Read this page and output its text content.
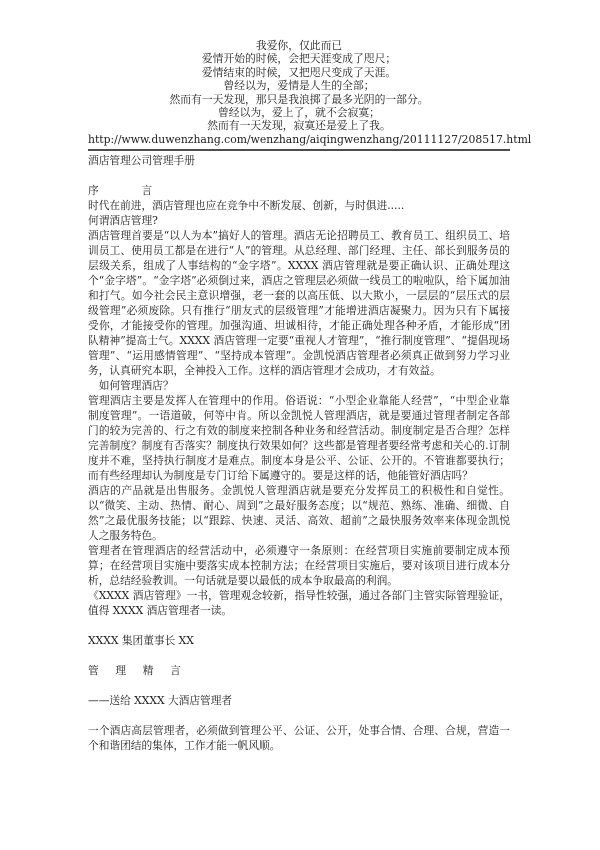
我爱你，仅此而已
爱情开始的时候，会把天涯变成了咫尺；
爱情结束的时候，又把咫尺变成了天涯。
曾经以为，爱情是人生的全部；
然而有一天发现，那只是我浪掷了最多光阴的一部分。
曾经以为，爱上了，就不会寂寞；
然而有一天发现，寂寞还是爱上了我。
http://www.duwenzhang.com/wenzhang/aiqingwenzhang/20111127/208517.html

酒店管理公司管理手册

序　　　　言

时代在前进，酒店管理也应在竞争中不断发展、创新，与时俱进.....

何谓酒店管理?

酒店管理首要是“以人为本”搞好人的管理。酒店无论招聘员工、教育员工、组织员工、培训员工、使用员工都是在进行“人”的管理。从总经理、部门经理、主任、部长到服务员的层级关系，组成了人事结构的“金字塔”。XXXX 酒店管理就是要正确认识、正确处理这个“金字塔”。“金字塔”必须倒过来，酒店之管理层必须做一线员工的啦啦队，给下属加油和打气。如今社会民主意识增强，老一套的以高压低、以大欺小，一层层的“层压式的层级管理”必须废除。只有推行“朋友式的层级管理”才能增进酒店凝聚力。因为只有下属接受你，才能接受你的管理。加强沟通、坦诚相待，才能正确处理各种矛盾，才能形成“团队精神”提高士气。XXXX 酒店管理一定要“重视人才管理”，“推行制度管理”、“提倡现场管理”、“运用感情管理”、“坚持成本管理”。金凯悦酒店管理者必须真正做到努力学习业务，认真研究本职，全神投入工作。这样的酒店管理才会成功，才有效益。

　如何管理酒店？

管理酒店主要是发挥人在管理中的作用。俗语说：“小型企业靠能人经营”，“中型企业靠制度管理”。一语道破，何等中肯。所以金凯悦人管理酒店，就是要通过管理者制定各部门的较为完善的、行之有效的制度来控制各种业务和经营活动。制度制定是否合理？怎样完善制度？制度有否落实？制度执行效果如何？这些都是管理者要经常考虑和关心的.订制度并不难，坚持执行制度才是难点。制度本身是公平、公证、公开的。不管谁都要执行；而有些经理却认为制度是专门订给下属遵守的。要是这样的话，他能管好酒店吗？

酒店的产品就是出售服务。金凯悦人管理酒店就是要充分发挥员工的积极性和自觉性。以“微笑、主动、热情、耐心、周到”之最好服务态度；以“规范、熟练、准确、细微、自然”之最优服务技能；以“跟踪、快速、灵活、高效、超前”之最快服务效率来体现金凯悦人之服务特色。

管理者在管理酒店的经营活动中，必须遵守一条原则：在经营项目实施前要制定成本预算；在经营项目实施中要落实成本控制方法；在经营项目实施后，要对该项目进行成本分析，总结经验教训。一句话就是要以最低的成本争取最高的利润。

《XXXX 酒店管理》一书，管理观念较新，指导性较强，通过各部门主管实际管理验证，值得 XXXX 酒店管理者一读。

XXXX 集团董事长 XX

管　理　精　言

——送给 XXXX 大酒店管理者

一个酒店高层管理者，必须做到管理公平、公证、公开，处事合情、合理、合规，营造一个和谐团结的集体，工作才能一帆风顺。
